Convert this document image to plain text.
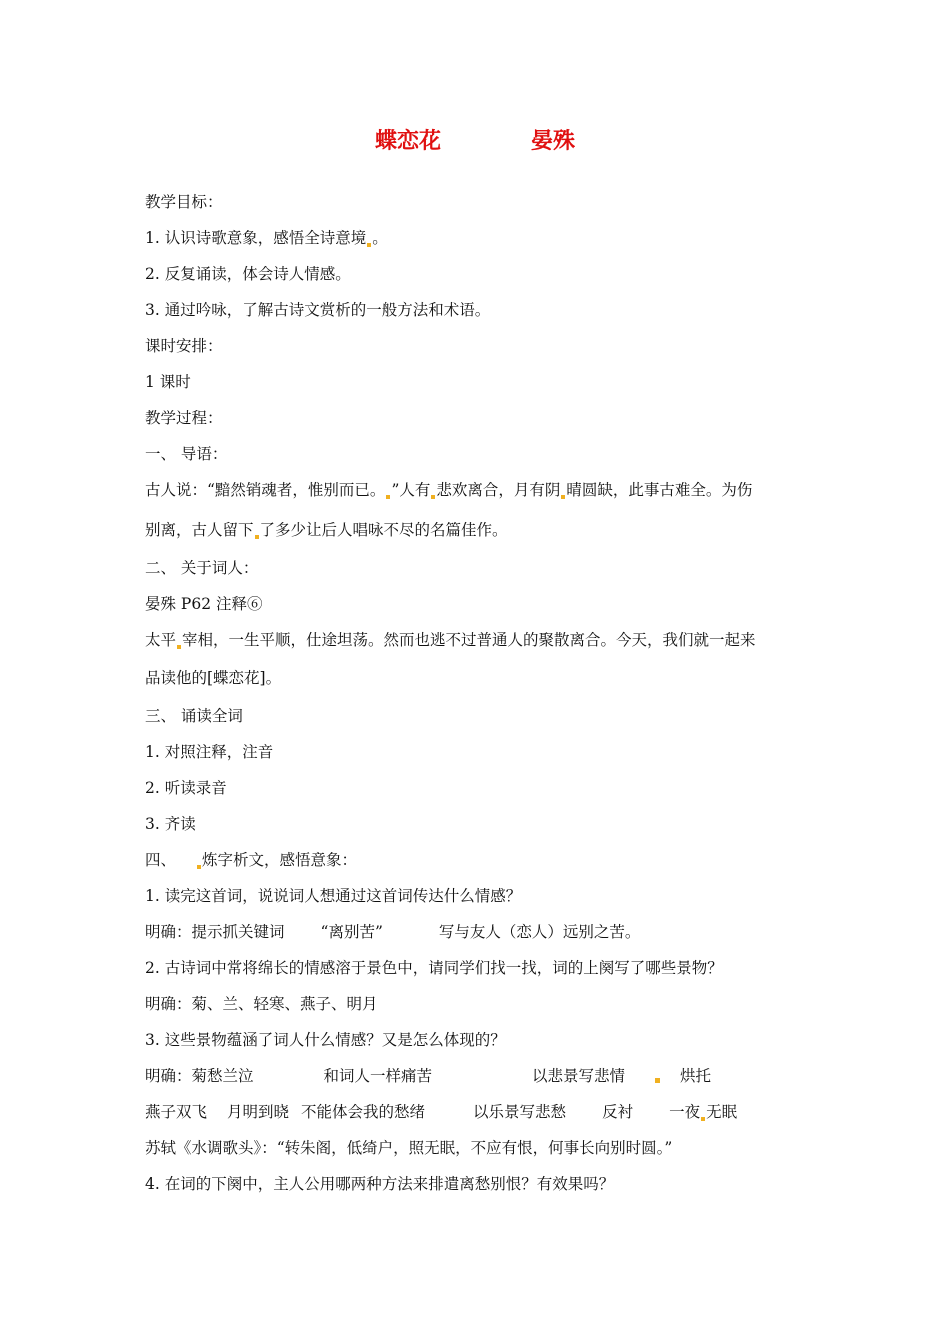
蝶恋花	晏殊
教学目标：
1. 认识诗歌意象，感悟全诗意境 。
2. 反复诵读，体会诗人情感。
3. 通过吟咏，了解古诗文赏析的一般方法和术语。
课时安排：
1 课时
教学过程：
一、 导语：
古人说：“黯然销魂者，惟别而已。 ”人有 悲欢离合，月有阴 晴圆缺，此事古难全。为伤
别离，古人留下 了多少让后人唱咏不尽的名篇佳作。
二、 关于词人：
晏殊 P62 注释⑥
太平 宰相，一生平顺，仕途坦荡。然而也逃不过普通人的聚散离合。今天，我们就一起来
品读他的[蝶恋花]。
三、 诵读全词
1. 对照注释，注音
2. 听读录音
3. 齐读
四、 炼字析文，感悟意象：
1. 读完这首词，说说词人想通过这首词传达什么情感？
明确：提示抓关键词 “离别苦”	写与友人（恋人）远别之苦。
2. 古诗词中常将绵长的情感溶于景色中，请同学们找一找，词的上阕写了哪些景物？
明确：菊、兰、轻寒、燕子、明月
3. 这些景物蕴涵了词人什么情感？又是怎么体现的？
明确：菊愁兰泣	和词人一样痛苦	以悲景写悲情	烘托
燕子双飞 月明到晓 不能体会我的愁绪	以乐景写悲愁 反衬 一夜 无眠
苏轼《水调歌头》：“转朱阁，低绮户，照无眠，不应有恨，何事长向别时圆。”
4. 在词的下阕中，主人公用哪两种方法来排遣离愁别恨？有效果吗？
